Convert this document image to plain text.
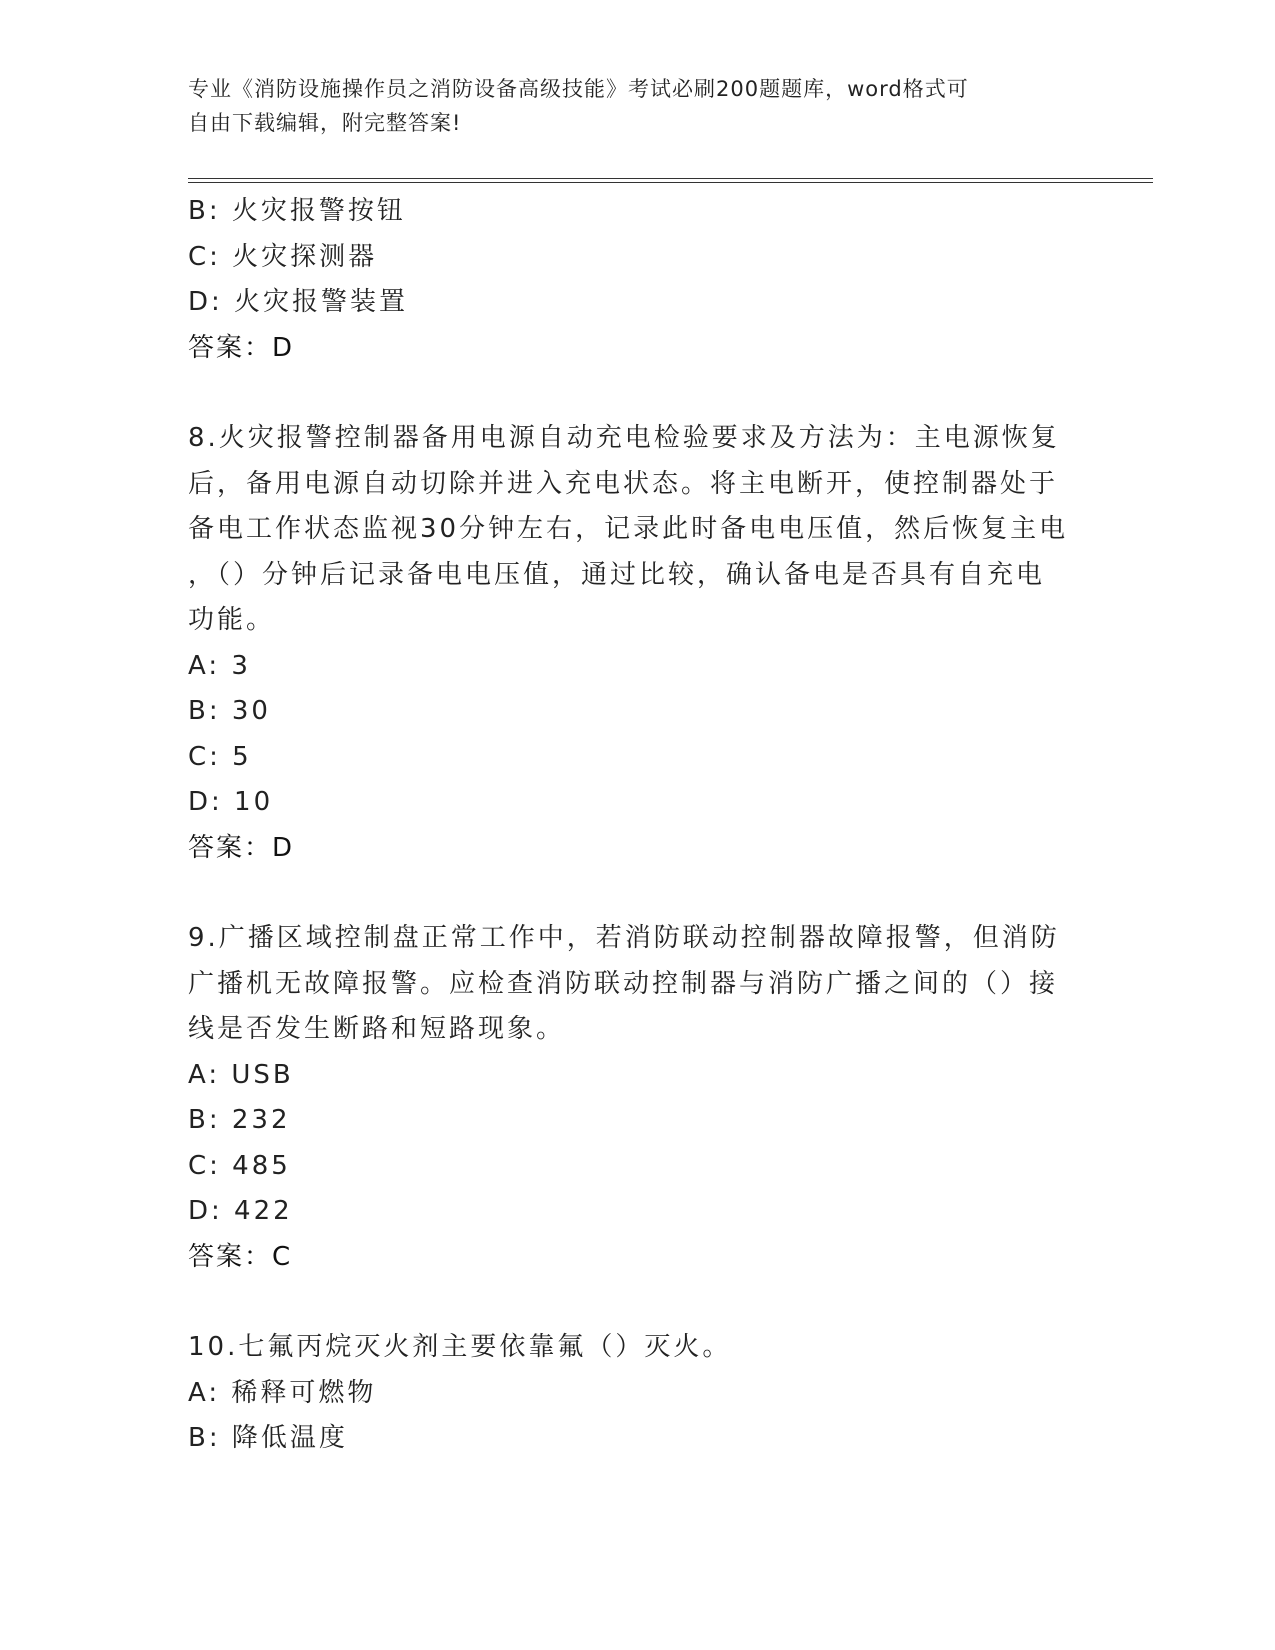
专业《消防设施操作员之消防设备高级技能》考试必刷200题题库，word格式可
自由下载编辑，附完整答案!
B: 火灾报警按钮
C: 火灾探测器
D: 火灾报警装置
答案：D
8.火灾报警控制器备用电源自动充电检验要求及方法为：主电源恢复
后，备用电源自动切除并进入充电状态。将主电断开，使控制器处于
备电工作状态监视30分钟左右，记录此时备电电压值，然后恢复主电
，（）分钟后记录备电电压值，通过比较，确认备电是否具有自充电
功能。
A: 3
B: 30
C: 5
D: 10
答案：D
9.广播区域控制盘正常工作中，若消防联动控制器故障报警，但消防
广播机无故障报警。应检查消防联动控制器与消防广播之间的（）接
线是否发生断路和短路现象。
A: USB
B: 232
C: 485
D: 422
答案：C
10.七氟丙烷灭火剂主要依靠氟（）灭火。
A: 稀释可燃物
B: 降低温度
